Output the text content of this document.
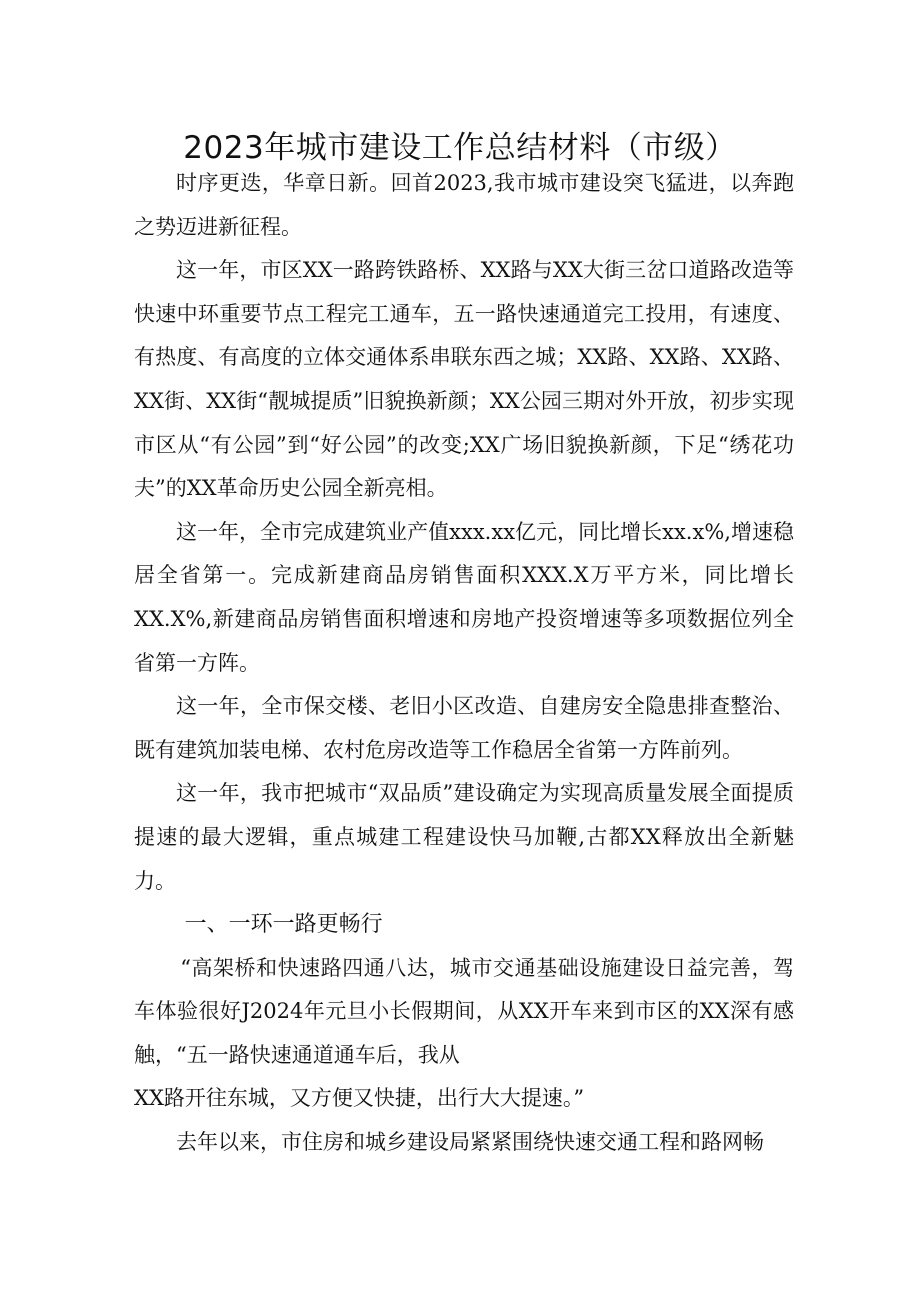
2023年城市建设工作总结材料（市级）

时序更迭，华章日新。回首2023,我市城市建设突飞猛进，以奔跑之势迈进新征程。

这一年，市区XX一路跨铁路桥、XX路与XX大街三岔口道路改造等快速中环重要节点工程完工通车，五一路快速通道完工投用，有速度、有热度、有高度的立体交通体系串联东西之城；XX路、XX路、XX路、XX街、XX街“靓城提质”旧貌换新颜；XX公园三期对外开放，初步实现市区从“有公园”到“好公园”的改变;XX广场旧貌换新颜，下足“绣花功夫”的XX革命历史公园全新亮相。

这一年，全市完成建筑业产值xxx.xx亿元，同比增长xx.x%,增速稳居全省第一。完成新建商品房销售面积XXX.X万平方米，同比增长XX.X%,新建商品房销售面积增速和房地产投资增速等多项数据位列全省第一方阵。

这一年，全市保交楼、老旧小区改造、自建房安全隐患排查整治、既有建筑加装电梯、农村危房改造等工作稳居全省第一方阵前列。

这一年，我市把城市“双品质”建设确定为实现高质量发展全面提质提速的最大逻辑，重点城建工程建设快马加鞭,古都XX释放出全新魅力。

一、一环一路更畅行

“高架桥和快速路四通八达，城市交通基础设施建设日益完善，驾车体验很好J2024年元旦小长假期间，从XX开车来到市区的XX深有感触，“五一路快速通道通车后，我从

XX路开往东城，又方便又快捷，出行大大提速。”

去年以来，市住房和城乡建设局紧紧围绕快速交通工程和路网畅
